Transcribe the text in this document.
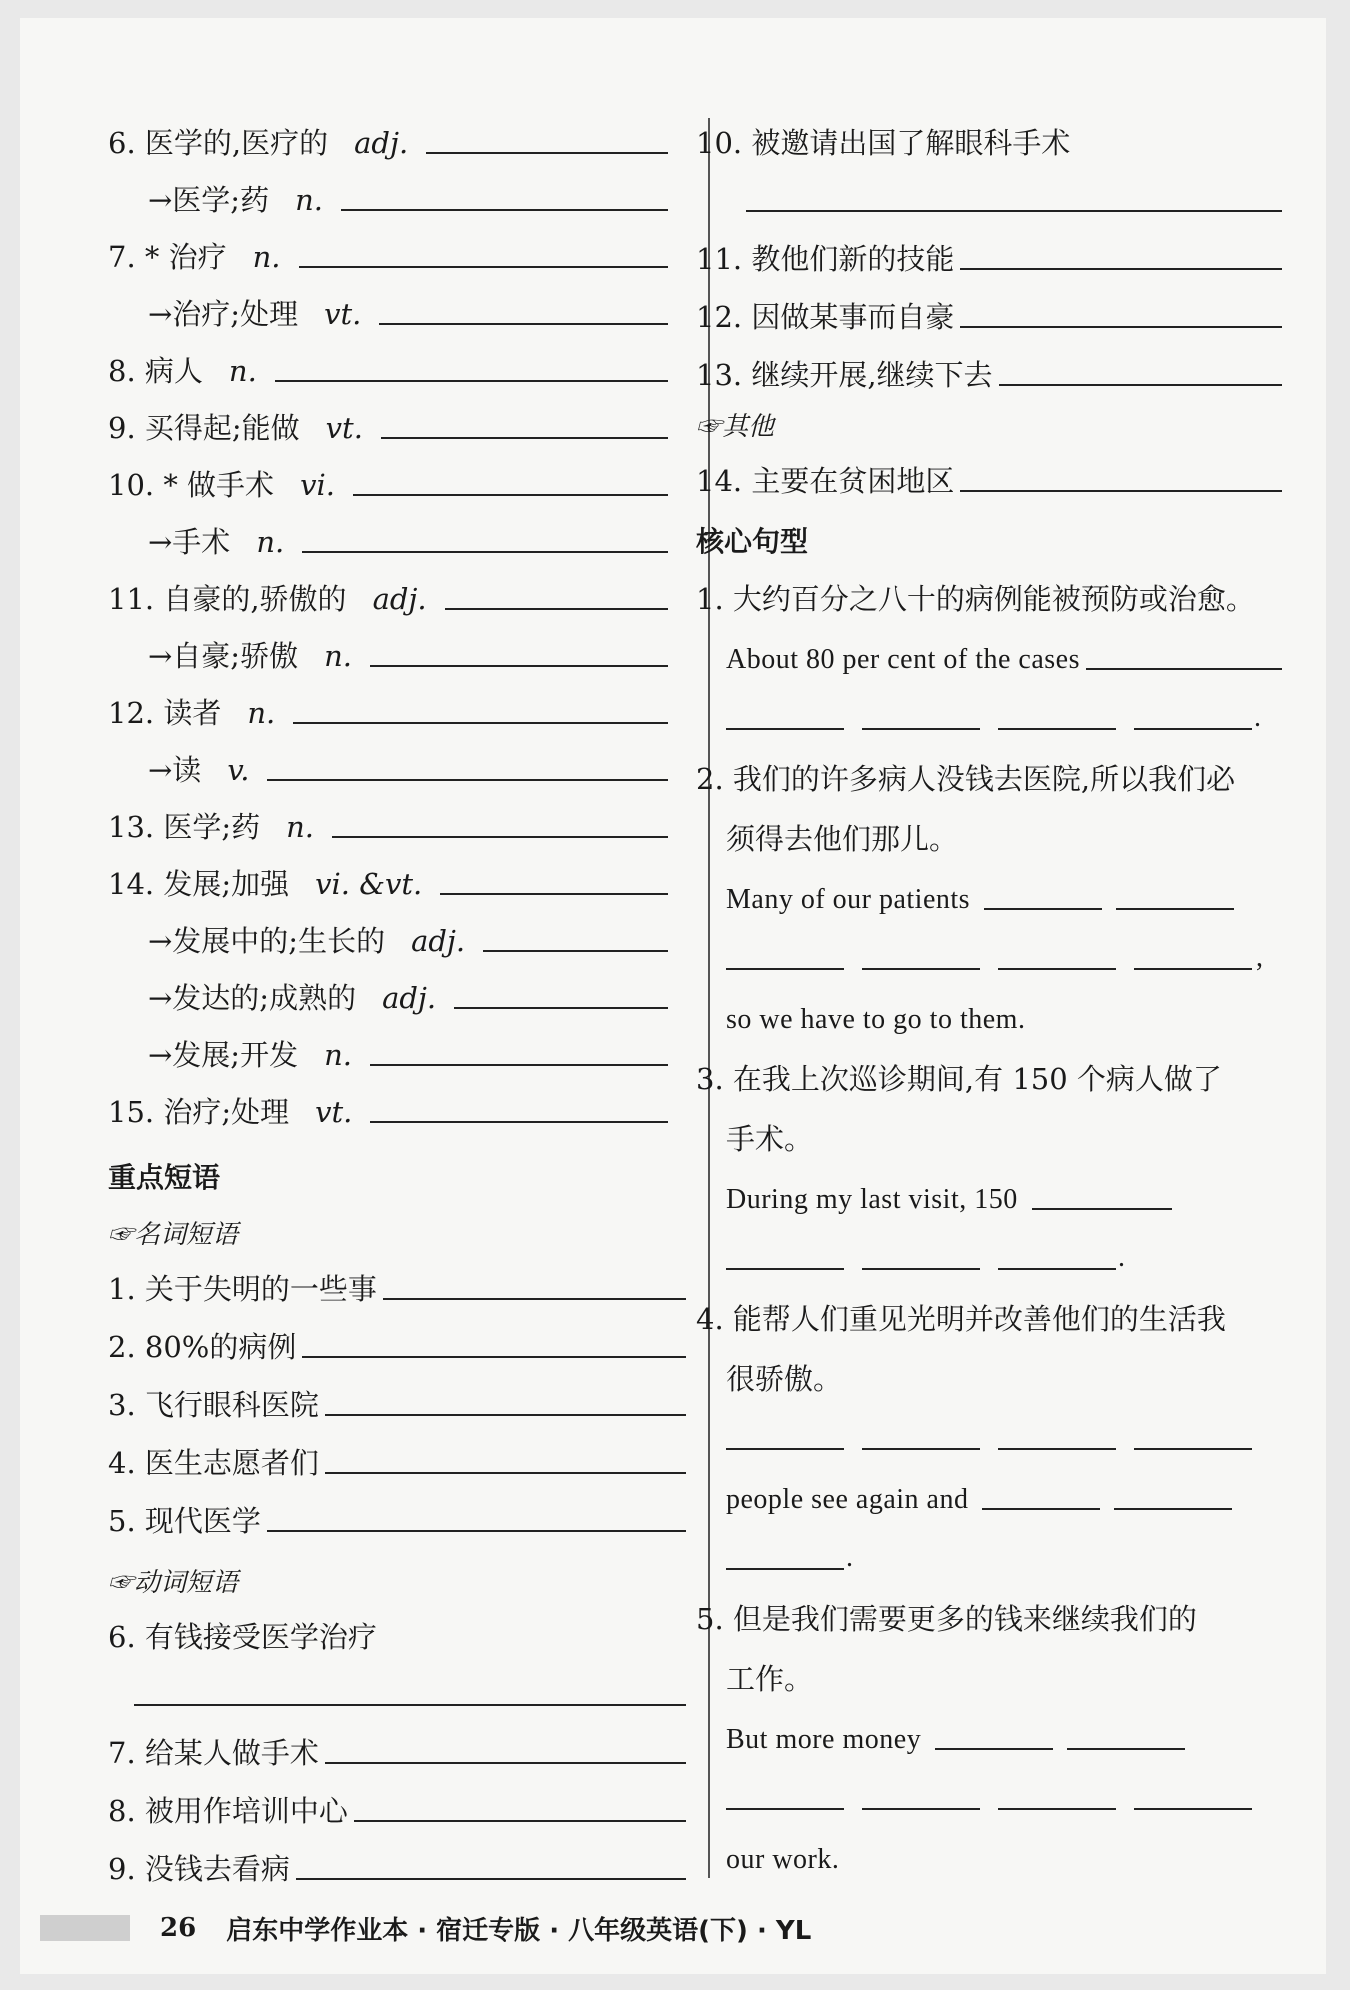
6. 医学的,医疗的 adj.
→医学;药 n.
7. * 治疗 n.
→治疗;处理 vt.
8. 病人 n.
9. 买得起;能做 vt.
10. * 做手术 vi.
→手术 n.
11. 自豪的,骄傲的 adj.
→自豪;骄傲 n.
12. 读者 n.
→读 v.
13. 医学;药 n.
14. 发展;加强 vi. &vt.
→发展中的;生长的 adj.
→发达的;成熟的 adj.
→发展;开发 n.
15. 治疗;处理 vt.
重点短语
☞名词短语
1. 关于失明的一些事
2. 80%的病例
3. 飞行眼科医院
4. 医生志愿者们
5. 现代医学
☞动词短语
6. 有钱接受医学治疗
7. 给某人做手术
8. 被用作培训中心
9. 没钱去看病
10. 被邀请出国了解眼科手术
11. 教他们新的技能
12. 因做某事而自豪
13. 继续开展,继续下去
☞其他
14. 主要在贫困地区
核心句型
1. 大约百分之八十的病例能被预防或治愈。
About 80 per cent of the cases
.
2. 我们的许多病人没钱去医院,所以我们必
须得去他们那儿。
Many of our patients
,
so we have to go to them.
3. 在我上次巡诊期间,有 150 个病人做了
手术。
During my last visit, 150
.
4. 能帮人们重见光明并改善他们的生活我
很骄傲。
people see again and
.
5. 但是我们需要更多的钱来继续我们的
工作。
But more money
our work.
26 启东中学作业本 · 宿迁专版 · 八年级英语(下) · YL
